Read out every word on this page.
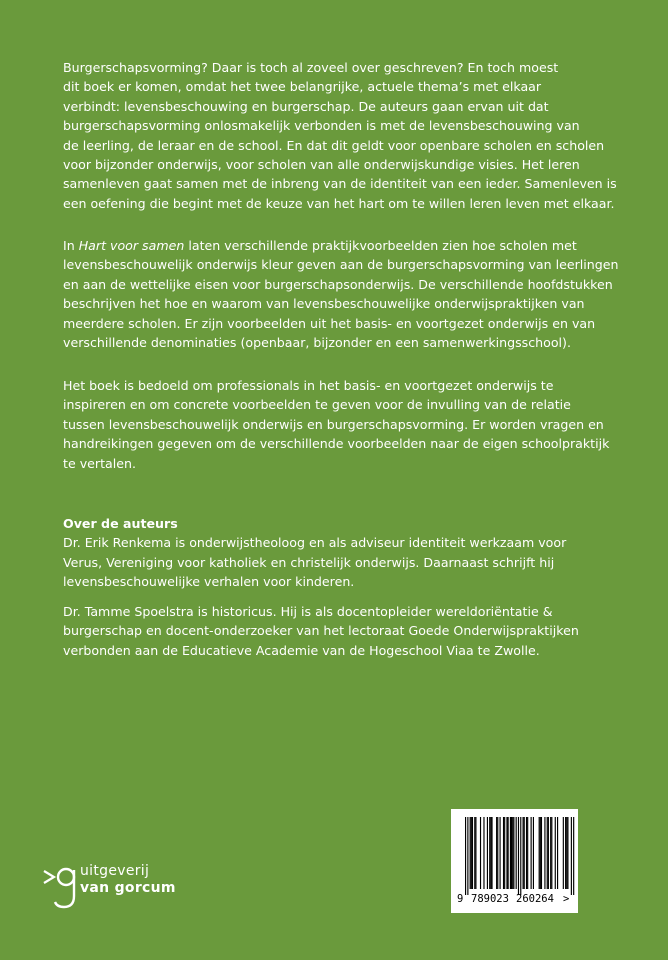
Burgerschapsvorming? Daar is toch al zoveel over geschreven? En toch moest
dit boek er komen, omdat het twee belangrijke, actuele thema’s met elkaar
verbindt: levensbeschouwing en burgerschap. De auteurs gaan ervan uit dat
burgerschapsvorming onlosmakelijk verbonden is met de levensbeschouwing van
de leerling, de leraar en de school. En dat dit geldt voor openbare scholen en scholen
voor bijzonder onderwijs, voor scholen van alle onderwijskundige visies. Het leren
samenleven gaat samen met de inbreng van de identiteit van een ieder. Samenleven is
een oefening die begint met de keuze van het hart om te willen leren leven met elkaar.
In Hart voor samen laten verschillende praktijkvoorbeelden zien hoe scholen met
levensbeschouwelijk onderwijs kleur geven aan de burgerschapsvorming van leerlingen
en aan de wettelijke eisen voor burgerschapsonderwijs. De verschillende hoofdstukken
beschrijven het hoe en waarom van levensbeschouwelijke onderwijspraktijken van
meerdere scholen. Er zijn voorbeelden uit het basis- en voortgezet onderwijs en van
verschillende denominaties (openbaar, bijzonder en een samenwerkingsschool).
Het boek is bedoeld om professionals in het basis- en voortgezet onderwijs te
inspireren en om concrete voorbeelden te geven voor de invulling van de relatie
tussen levensbeschouwelijk onderwijs en burgerschapsvorming. Er worden vragen en
handreikingen gegeven om de verschillende voorbeelden naar de eigen schoolpraktijk
te vertalen.
Over de auteurs
Dr. Erik Renkema is onderwijstheoloog en als adviseur identiteit werkzaam voor
Verus, Vereniging voor katholiek en christelijk onderwijs. Daarnaast schrijft hij
levensbeschouwelijke verhalen voor kinderen.
Dr. Tamme Spoelstra is historicus. Hij is als docentopleider wereldoriëntatie &
burgerschap en docent-onderzoeker van het lectoraat Goede Onderwijspraktijken
verbonden aan de Educatieve Academie van de Hogeschool Viaa te Zwolle.
uitgeverij
van gorcum
9 789023 260264 >
